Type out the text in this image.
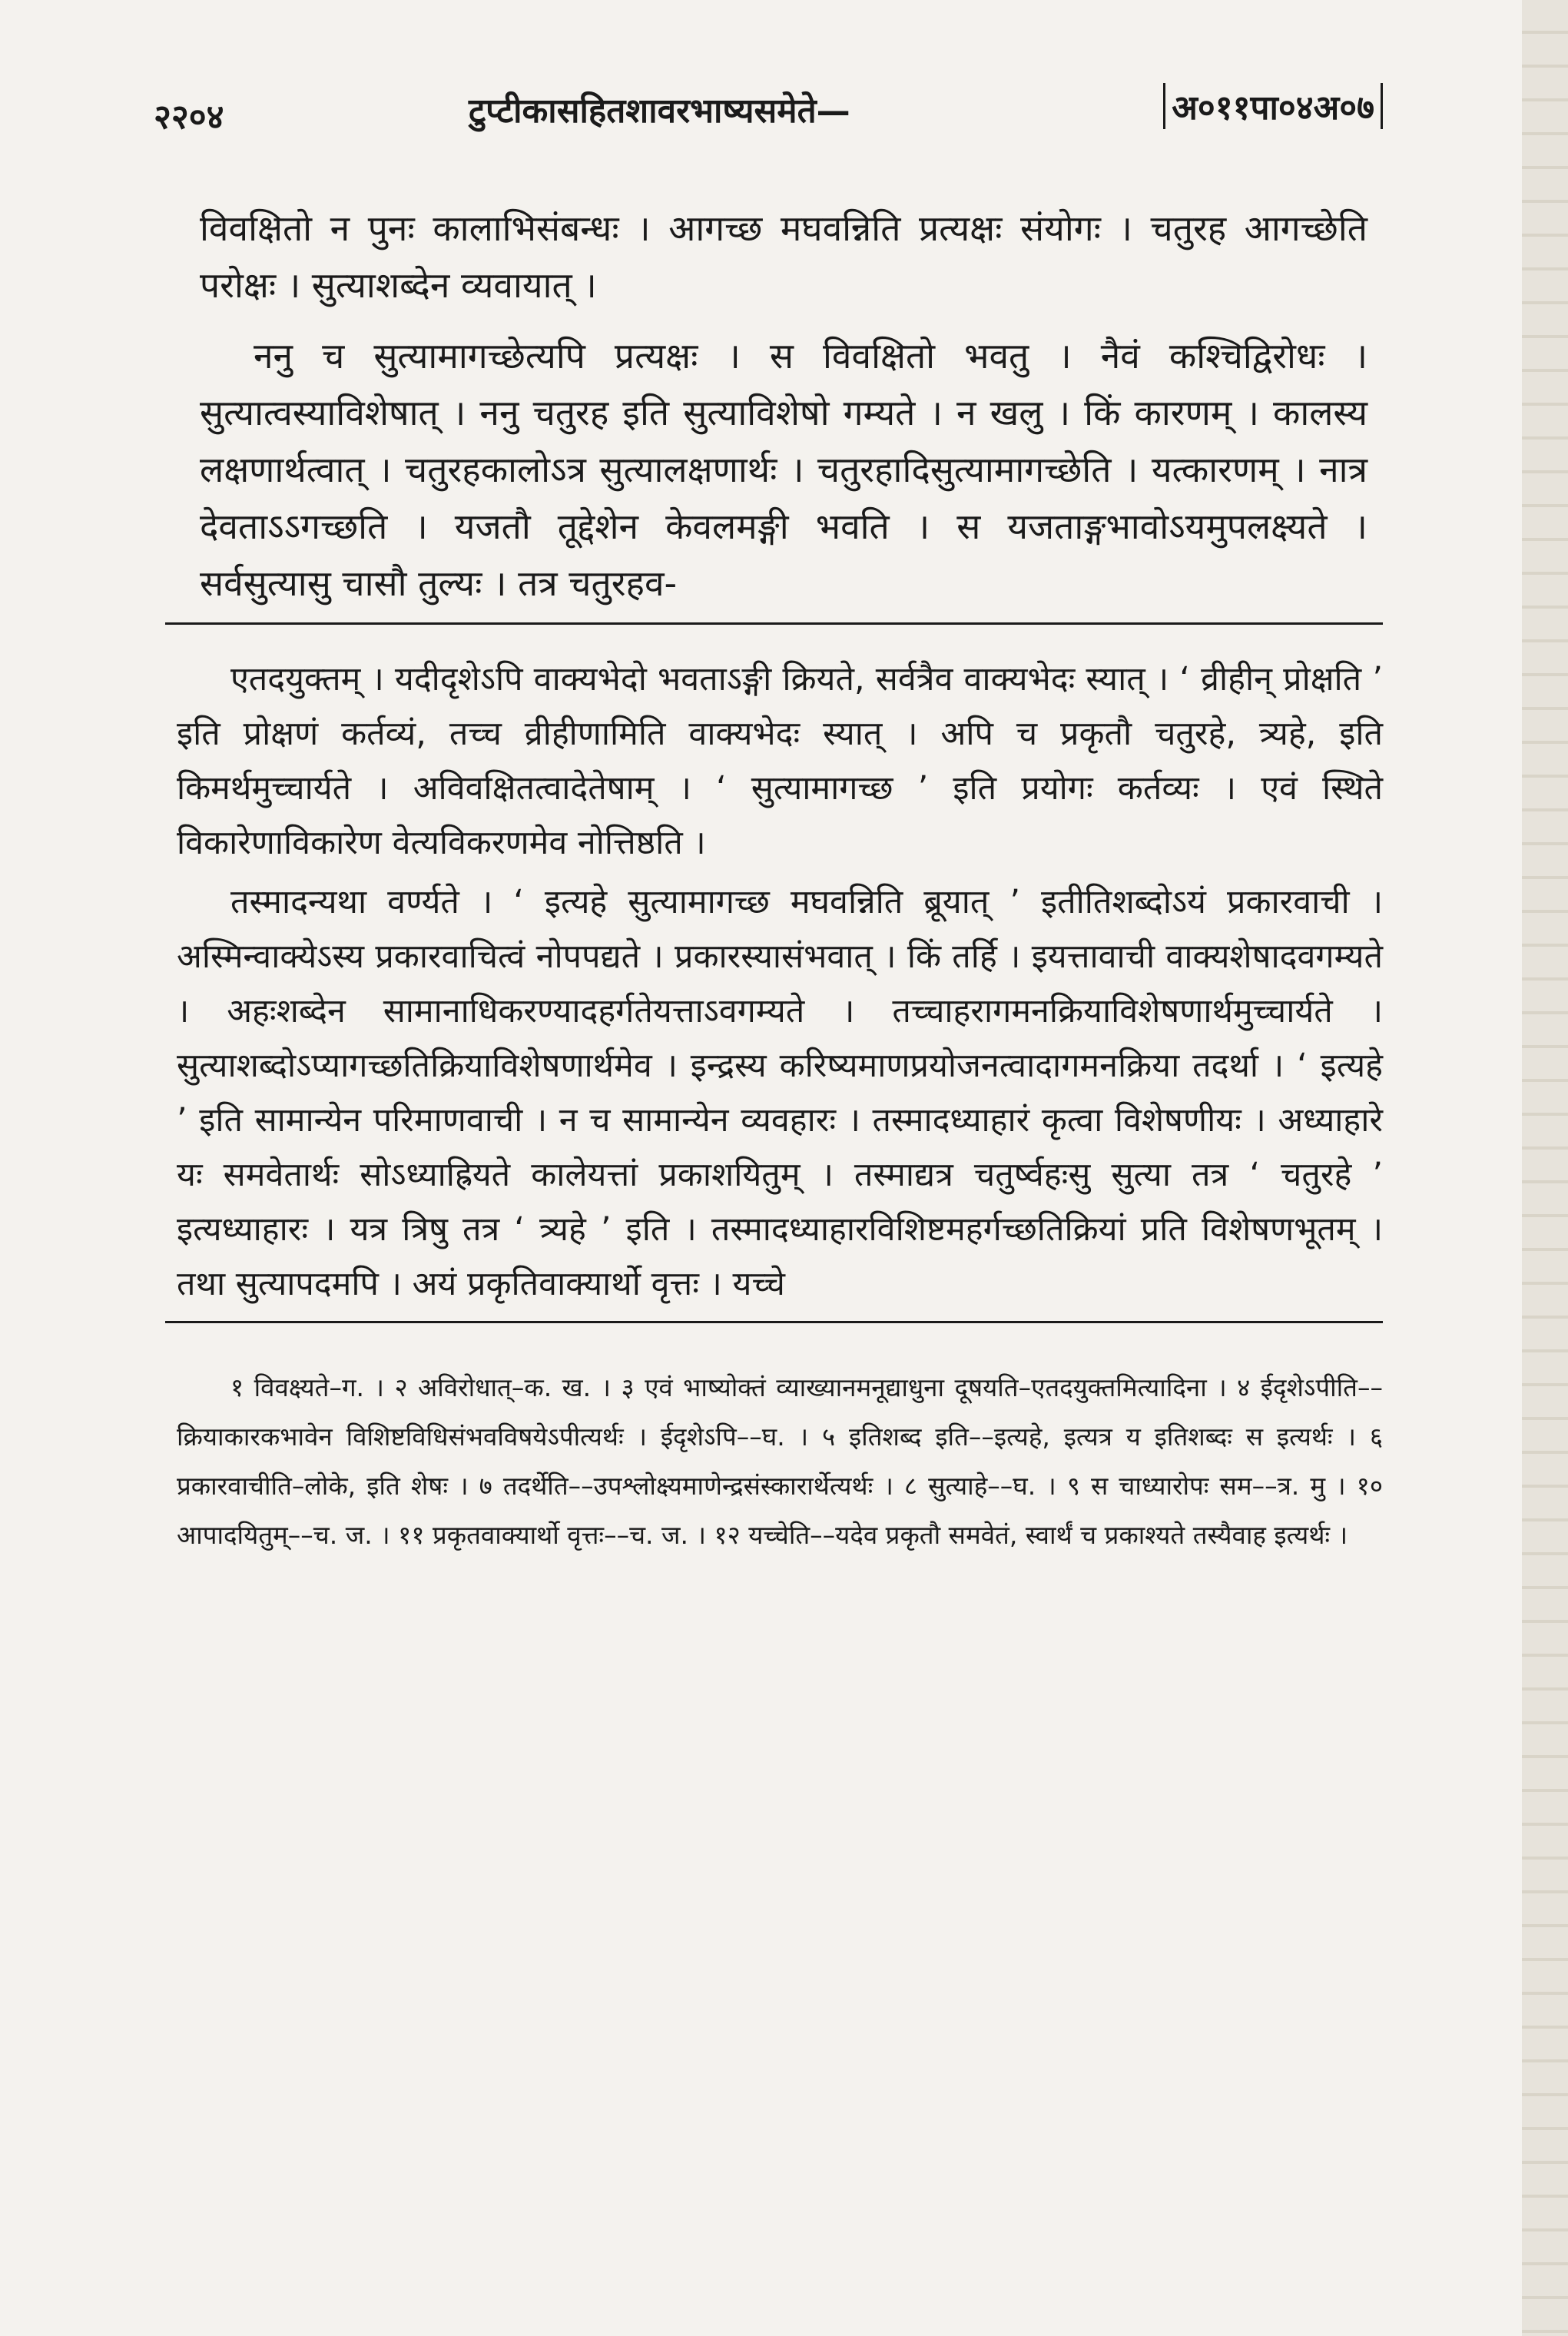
२२०४	टुप्टीकासहितशावरभाष्यसमेते—	अ०११पा०४अ०७

विवक्षितो न पुनः कालाभिसंबन्धः । आगच्छ मघवन्निति प्रत्यक्षः संयोगः । चतुरह आगच्छेति परोक्षः । सुत्याशब्देन व्यवायात् ।

ननु च सुत्यामागच्छेत्यपि प्रत्यक्षः । स विवक्षितो भवतु । नैवं कश्चिद्विरोधः । सुत्यात्वस्याविशेषात् । ननु चतुरह इति सुत्याविशेषो गम्यते । न खलु । किं कारणम् । कालस्य लक्षणार्थत्वात् । चतुरहकालोऽत्र सुत्यालक्षणार्थः । चतुरहादिसुत्यामागच्छेति । यत्कारणम् । नात्र देवताऽऽगच्छति । यजतौ तूद्देशेन केवलमङ्गी भवति । स यजताङ्गभावोऽयमुपलक्ष्यते । सर्वसुत्यासु चासौ तुल्यः । तत्र चतुरहव-

एतदयुक्तम् । यदीदृशेऽपि वाक्यभेदो भवताऽङ्गी क्रियते, सर्वत्रैव वाक्यभेदः स्यात् । ‘ व्रीहीन् प्रोक्षति ’ इति प्रोक्षणं कर्तव्यं, तच्च व्रीहीणामिति वाक्यभेदः स्यात् । अपि च प्रकृतौ चतुरहे, त्र्यहे, इति किमर्थमुच्चार्यते । अविवक्षितत्वादेतेषाम् । ‘ सुत्यामागच्छ ’ इति प्रयोगः कर्तव्यः । एवं स्थिते विकारेणाविकारेण वेत्यविकरणमेव नोत्तिष्ठति ।

तस्मादन्यथा वर्ण्यते । ‘ इत्यहे सुत्यामागच्छ मघवन्निति ब्रूयात् ’ इतीतिशब्दोऽयं प्रकारवाची । अस्मिन्वाक्येऽस्य प्रकारवाचित्वं नोपपद्यते । प्रकारस्यासंभवात् । किं तर्हि । इयत्तावाची वाक्यशेषादवगम्यते । अहःशब्देन सामानाधिकरण्यादहर्गतेयत्ताऽवगम्यते । तच्चाहरागमनक्रियाविशेषणार्थमुच्चार्यते । सुत्याशब्दोऽप्यागच्छतिक्रियाविशेषणार्थमेव । इन्द्रस्य करिष्यमाणप्रयोजनत्वादागमनक्रिया तदर्था । ‘ इत्यहे ’ इति सामान्येन परिमाणवाची । न च सामान्येन व्यवहारः । तस्मादध्याहारं कृत्वा विशेषणीयः । अध्याहारे यः समवेतार्थः सोऽध्याह्रियते कालेयत्तां प्रकाशयितुम् । तस्माद्यत्र चतुर्ष्वहःसु सुत्या तत्र ‘ चतुरहे ’ इत्यध्याहारः । यत्र त्रिषु तत्र ‘ त्र्यहे ’ इति । तस्मादध्याहारविशिष्टमहर्गच्छतिक्रियां प्रति विशेषणभूतम् । तथा सुत्यापदमपि । अयं प्रकृतिवाक्यार्थो वृत्तः । यच्चे

१ विवक्ष्यते–ग. । २ अविरोधात्–क. ख. । ३ एवं भाष्योक्तं व्याख्यानमनूद्याधुना दूषयति–एतदयुक्तमित्यादिना । ४ ईदृशेऽपीति––क्रियाकारकभावेन विशिष्टविधिसंभवविषयेऽपीत्यर्थः । ईदृशेऽपि––घ. । ५ इतिशब्द इति––इत्यहे, इत्यत्र य इतिशब्दः स इत्यर्थः । ६ प्रकारवाचीति–लोके, इति शेषः । ७ तदर्थेति––उपश्लोक्ष्यमाणेन्द्रसंस्कारार्थेत्यर्थः । ८ सुत्याहे––घ. । ९ स चाध्यारोपः सम––त्र. मु । १० आपादयितुम्––च. ज. । ११ प्रकृतवाक्यार्थो वृत्तः––च. ज. । १२ यच्चेति––यदेव प्रकृतौ समवेतं, स्वार्थं च प्रकाश्यते तस्यैवाह इत्यर्थः ।
